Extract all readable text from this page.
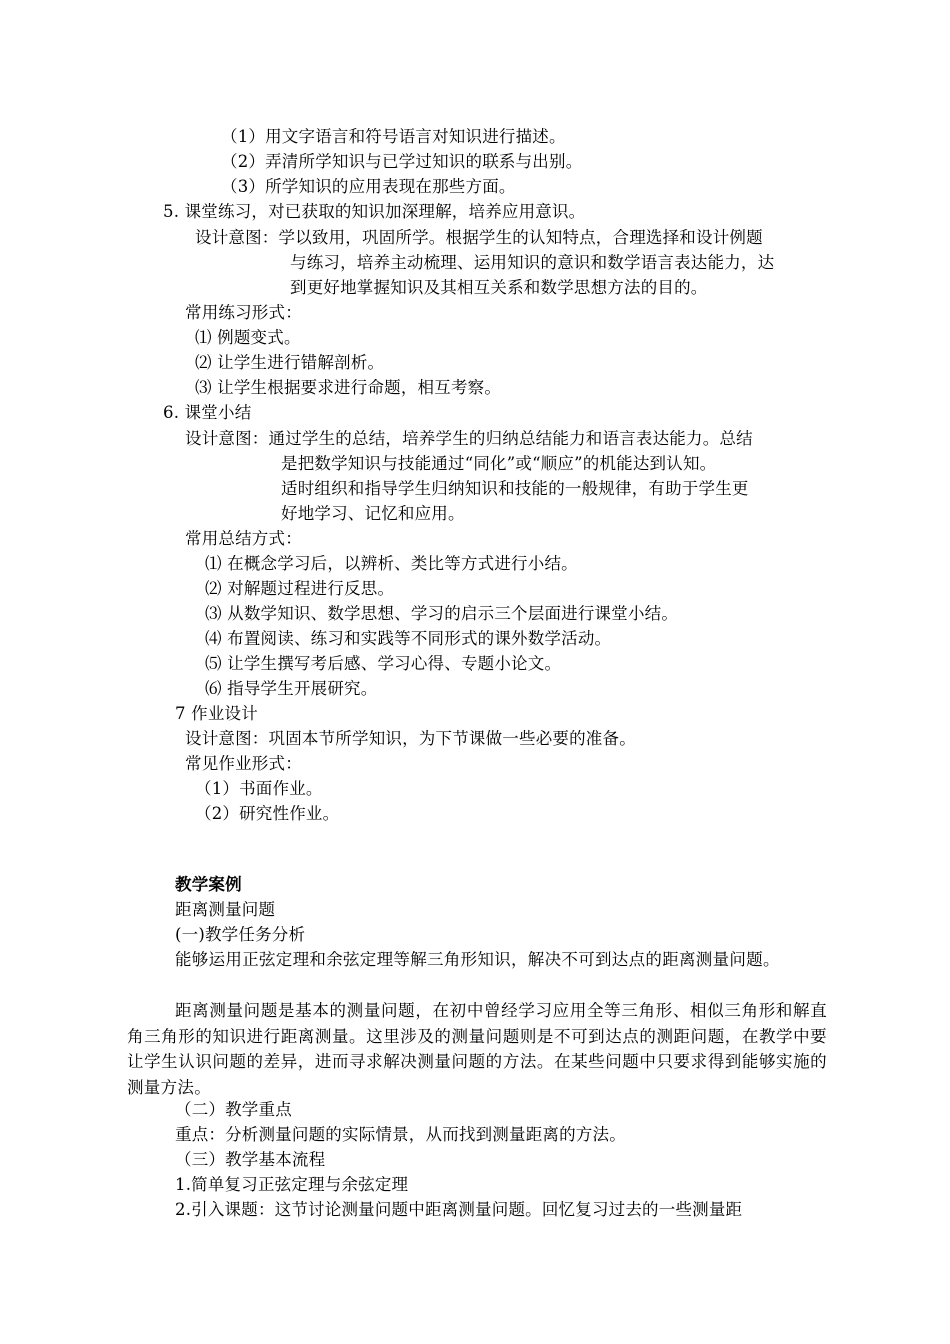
（1）用文字语言和符号语言对知识进行描述。

（2）弄清所学知识与已学过知识的联系与出别。

（3）所学知识的应用表现在那些方面。

5. 课堂练习，对已获取的知识加深理解，培养应用意识。

设计意图：学以致用，巩固所学。根据学生的认知特点，合理选择和设计例题

与练习，培养主动梳理、运用知识的意识和数学语言表达能力，达

到更好地掌握知识及其相互关系和数学思想方法的目的。

常用练习形式：

⑴ 例题变式。

⑵ 让学生进行错解剖析。

⑶ 让学生根据要求进行命题，相互考察。

6. 课堂小结

设计意图：通过学生的总结，培养学生的归纳总结能力和语言表达能力。总结

是把数学知识与技能通过“同化”或“顺应”的机能达到认知。

适时组织和指导学生归纳知识和技能的一般规律，有助于学生更

好地学习、记忆和应用。

常用总结方式：

⑴ 在概念学习后，以辨析、类比等方式进行小结。

⑵ 对解题过程进行反思。

⑶ 从数学知识、数学思想、学习的启示三个层面进行课堂小结。

⑷ 布置阅读、练习和实践等不同形式的课外数学活动。

⑸ 让学生撰写考后感、学习心得、专题小论文。

⑹ 指导学生开展研究。

7 作业设计

设计意图：巩固本节所学知识，为下节课做一些必要的准备。

常见作业形式：

（1）书面作业。

（2）研究性作业。

教学案例

距离测量问题

(一)教学任务分析

能够运用正弦定理和余弦定理等解三角形知识，解决不可到达点的距离测量问题。

距离测量问题是基本的测量问题，在初中曾经学习应用全等三角形、相似三角形和解直角三角形的知识进行距离测量。这里涉及的测量问题则是不可到达点的测距问题，在教学中要让学生认识问题的差异，进而寻求解决测量问题的方法。在某些问题中只要求得到能够实施的测量方法。

（二）教学重点

重点：分析测量问题的实际情景，从而找到测量距离的方法。

（三）教学基本流程

1.简单复习正弦定理与余弦定理

2.引入课题：这节讨论测量问题中距离测量问题。回忆复习过去的一些测量距
